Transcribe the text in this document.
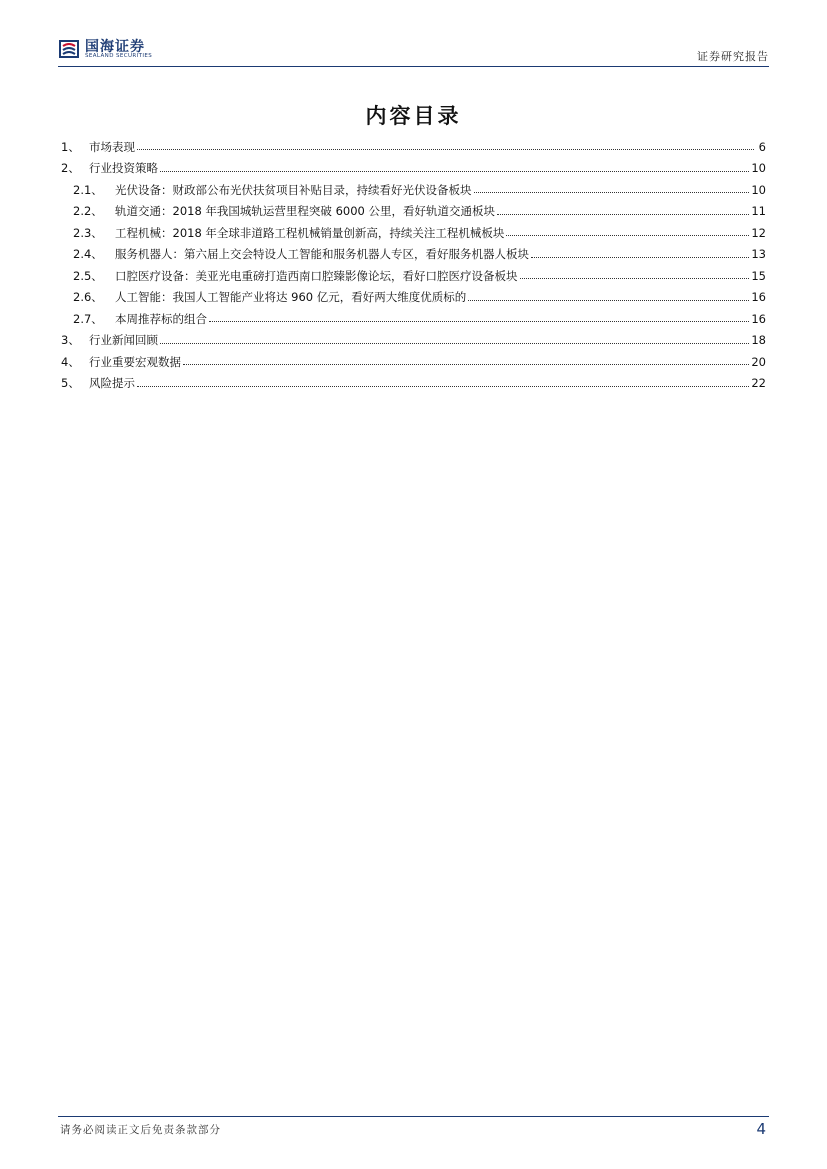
国海证券
SEALAND SECURITIES	证券研究报告
内容目录
1、 市场表现	6
2、 行业投资策略	10
2.1、	光伏设备：财政部公布光伏扶贫项目补贴目录，持续看好光伏设备板块	10
2.2、	轨道交通：2018 年我国城轨运营里程突破 6000 公里，看好轨道交通板块	11
2.3、	工程机械：2018 年全球非道路工程机械销量创新高，持续关注工程机械板块	12
2.4、	服务机器人：第六届上交会特设人工智能和服务机器人专区，看好服务机器人板块	13
2.5、	口腔医疗设备：美亚光电重磅打造西南口腔臻影像论坛，看好口腔医疗设备板块	15
2.6、	人工智能：我国人工智能产业将达 960 亿元，看好两大维度优质标的	16
2.7、	本周推荐标的组合	16
3、 行业新闻回顾	18
4、 行业重要宏观数据	20
5、 风险提示	22
请务必阅读正文后免责条款部分	4
